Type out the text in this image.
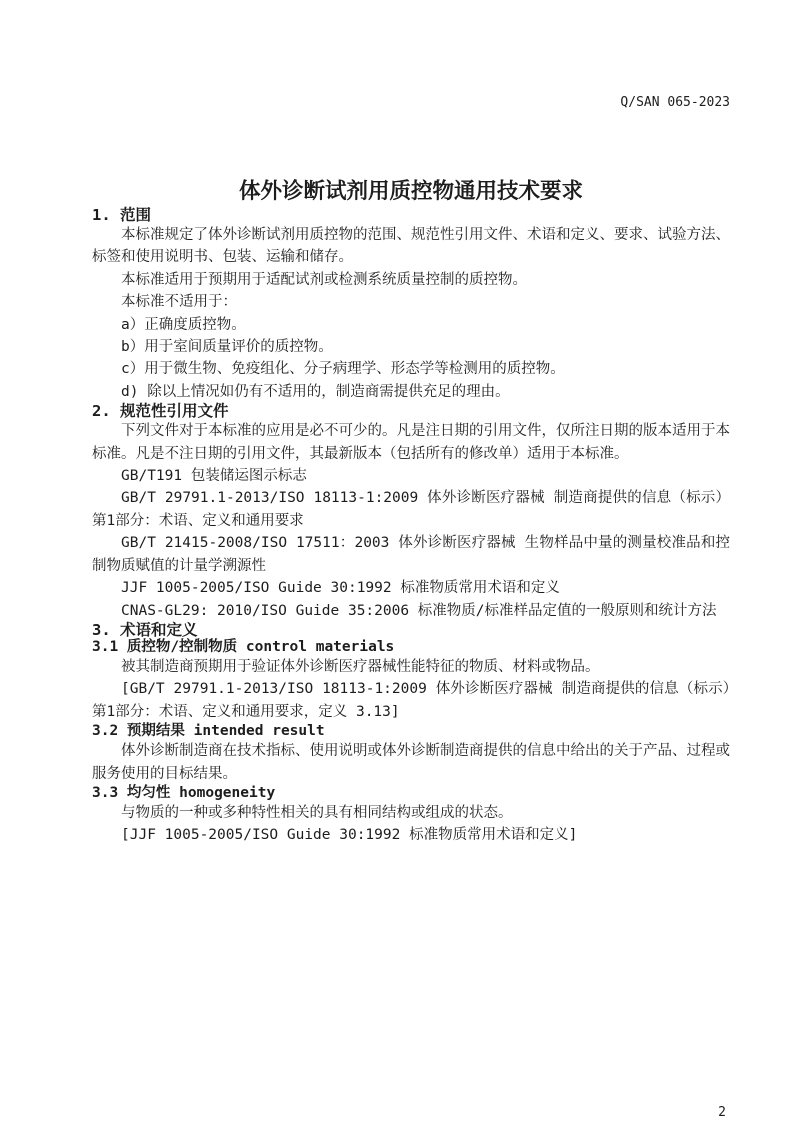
Q/SAN 065-2023
体外诊断试剂用质控物通用技术要求
1. 范围

本标准规定了体外诊断试剂用质控物的范围、规范性引用文件、术语和定义、要求、试验方法、标签和使用说明书、包装、运输和储存。

本标准适用于预期用于适配试剂或检测系统质量控制的质控物。

本标准不适用于：

a）正确度质控物。

b）用于室间质量评价的质控物。

c）用于微生物、免疫组化、分子病理学、形态学等检测用的质控物。

d) 除以上情况如仍有不适用的，制造商需提供充足的理由。

2. 规范性引用文件

下列文件对于本标准的应用是必不可少的。凡是注日期的引用文件，仅所注日期的版本适用于本标准。凡是不注日期的引用文件，其最新版本（包括所有的修改单）适用于本标准。

GB/T191 包装储运图示标志

GB/T 29791.1-2013/ISO 18113-1:2009 体外诊断医疗器械 制造商提供的信息（标示）第1部分：术语、定义和通用要求

GB/T 21415-2008/ISO 17511：2003 体外诊断医疗器械 生物样品中量的测量校准品和控制物质赋值的计量学溯源性

JJF 1005-2005/ISO Guide 30:1992 标准物质常用术语和定义

CNAS-GL29: 2010/ISO Guide 35:2006 标准物质/标准样品定值的一般原则和统计方法

3. 术语和定义
3.1 质控物/控制物质 control materials

被其制造商预期用于验证体外诊断医疗器械性能特征的物质、材料或物品。

[GB/T 29791.1-2013/ISO 18113-1:2009 体外诊断医疗器械 制造商提供的信息（标示）第1部分：术语、定义和通用要求，定义 3.13]

3.2 预期结果 intended result

体外诊断制造商在技术指标、使用说明或体外诊断制造商提供的信息中给出的关于产品、过程或服务使用的目标结果。

3.3 均匀性 homogeneity

与物质的一种或多种特性相关的具有相同结构或组成的状态。

[JJF 1005-2005/ISO Guide 30:1992 标准物质常用术语和定义]

2
